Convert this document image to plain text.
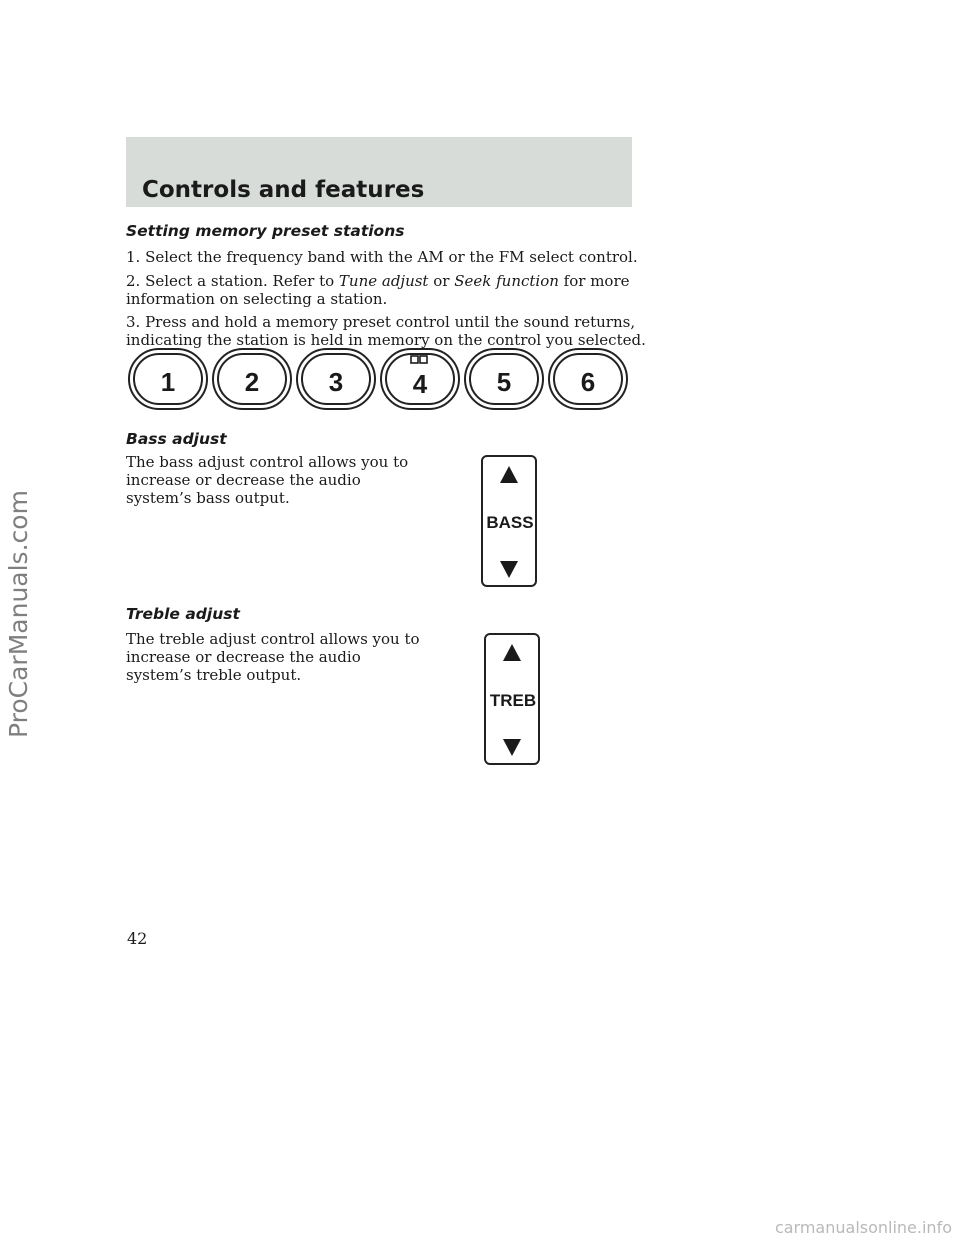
Controls and features
Setting memory preset stations
1. Select the frequency band with the AM or the FM select control.
2. Select a station. Refer to Tune adjust or Seek function for more information on selecting a station.
3. Press and hold a memory preset control until the sound returns, indicating the station is held in memory on the control you selected.
1	2	3	4	5	6
Bass adjust
The bass adjust control allows you to increase or decrease the audio system’s bass output.
BASS
Treble adjust
The treble adjust control allows you to increase or decrease the audio system’s treble output.
TREB
42
ProCarManuals.com
carmanualsonline.info
